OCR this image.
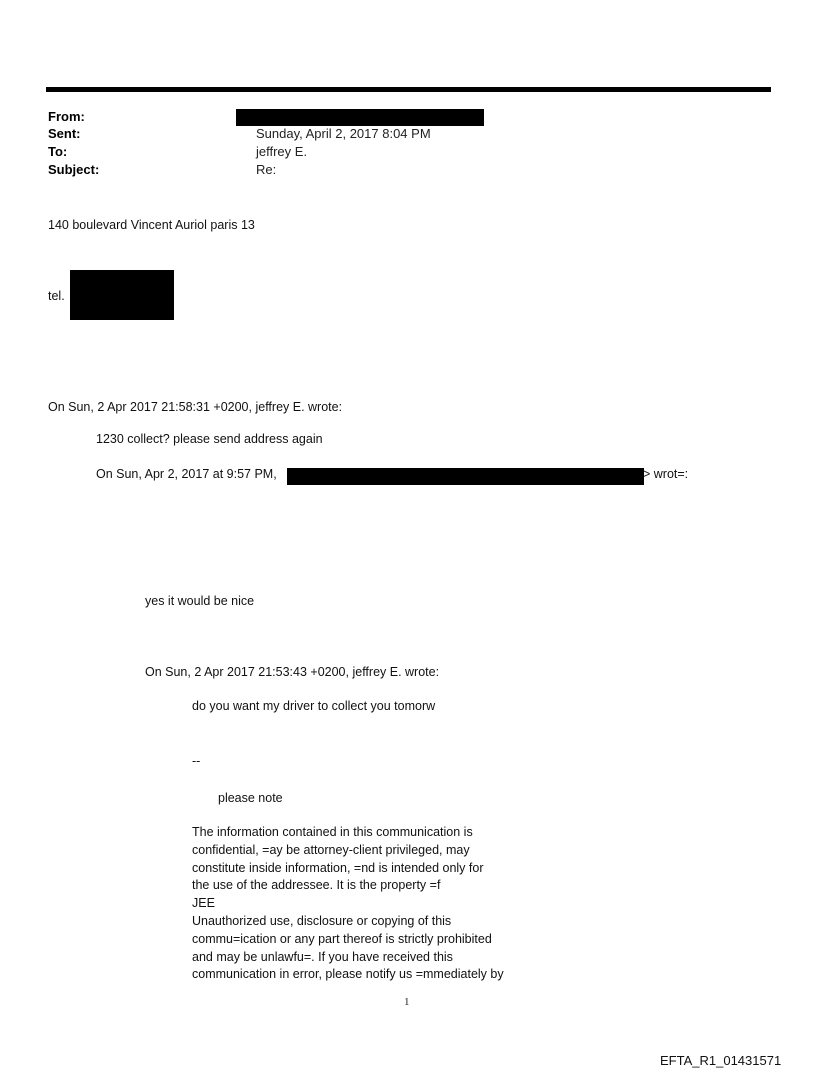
From:
Sent:	Sunday, April 2, 2017 8:04 PM
To:	jeffrey E.
Subject:	Re:
140 boulevard Vincent Auriol paris 13
tel.
On Sun, 2 Apr 2017 21:58:31 +0200, jeffrey E. wrote:
1230 collect? please send address again
On Sun, Apr 2, 2017 at 9:57 PM,	> wrot=:
yes it would be nice
On Sun, 2 Apr 2017 21:53:43 +0200, jeffrey E. wrote:
do you want my driver to collect you tomorw
--
please note
The information contained in this communication is
confidential, =ay be attorney-client privileged, may
constitute inside information, =nd is intended only for
the use of the addressee. It is the property =f
JEE
Unauthorized use, disclosure or copying of this
commu=ication or any part thereof is strictly prohibited
and may be unlawfu=. If you have received this
communication in error, please notify us =mmediately by
1
EFTA_R1_01431571
